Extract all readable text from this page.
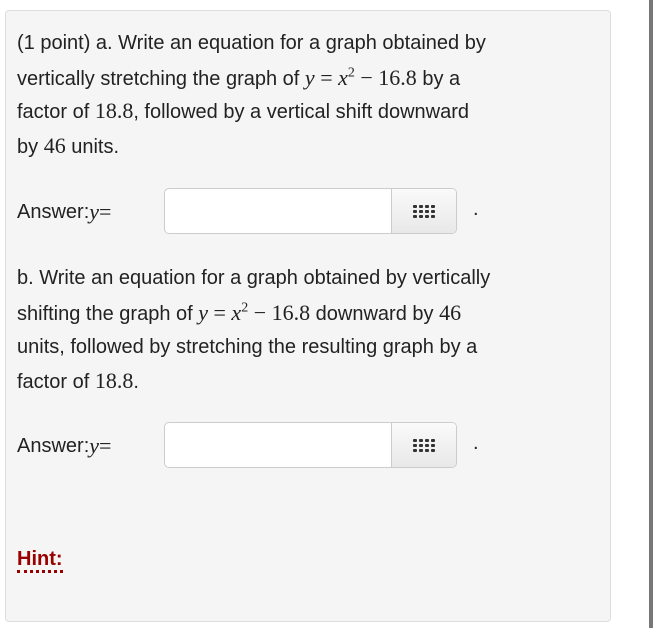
(1 point) a. Write an equation for a graph obtained by
vertically stretching the graph of $y = x^2 - 16.8$ by a
factor of 18.8, followed by a vertical shift downward
by 46 units.
Answer: y =	.
b. Write an equation for a graph obtained by vertically
shifting the graph of $y = x^2 - 16.8$ downward by 46
units, followed by stretching the resulting graph by a
factor of 18.8.
Answer: y =	.
Hint:
